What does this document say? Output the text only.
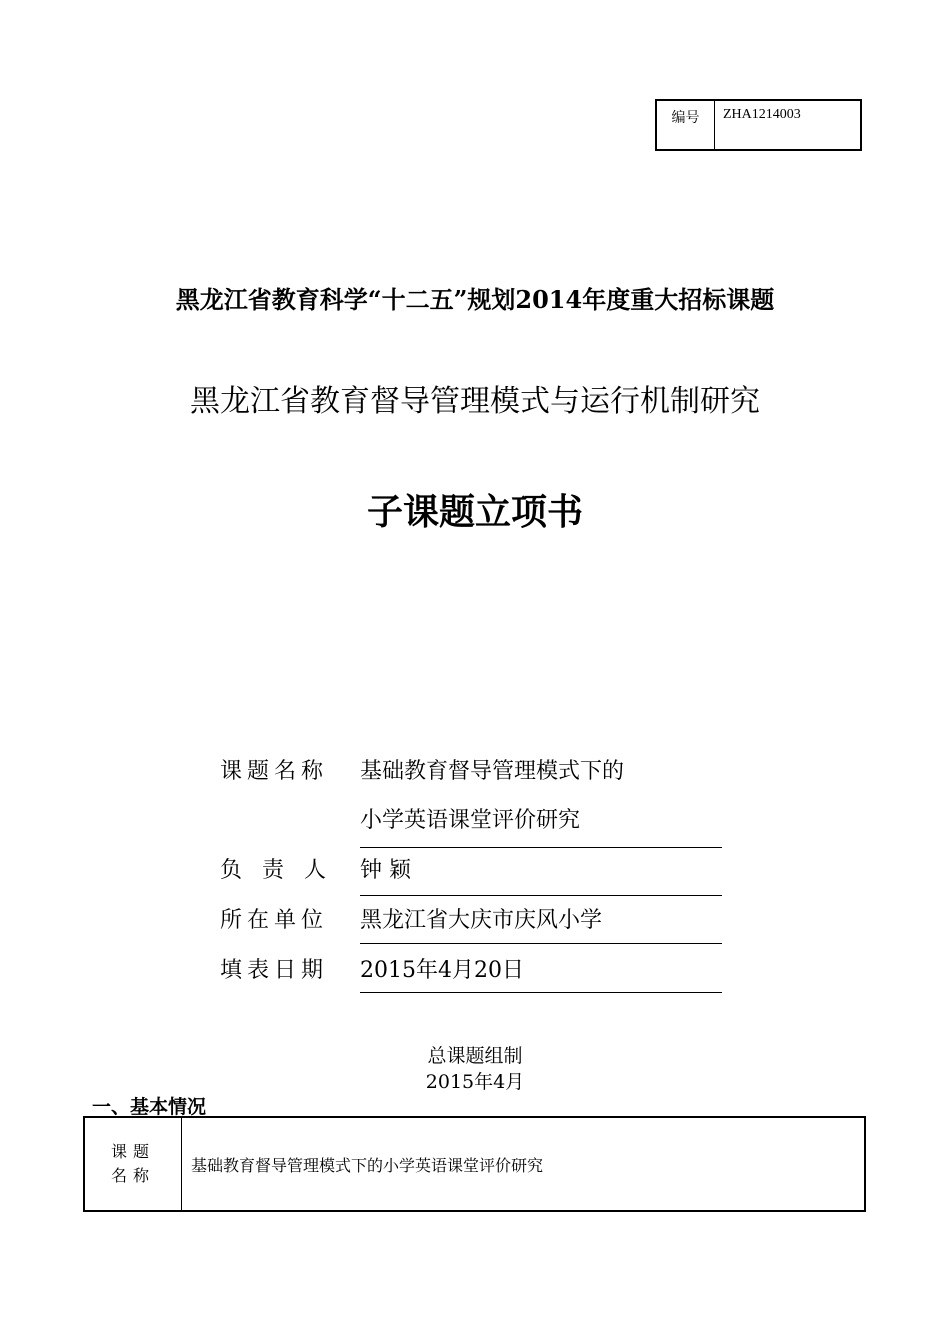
编号	ZHA1214003
黑龙江省教育科学“十二五”规划2014年度重大招标课题
黑龙江省教育督导管理模式与运行机制研究
子课题立项书
课题名称 基础教育督导管理模式下的
小学英语课堂评价研究
负责人 钟 颖
所在单位 黑龙江省大庆市庆风小学
填表日期 2015年4月20日
总课题组制
2015年4月
一、基本情况
课题
名称
基础教育督导管理模式下的小学英语课堂评价研究
